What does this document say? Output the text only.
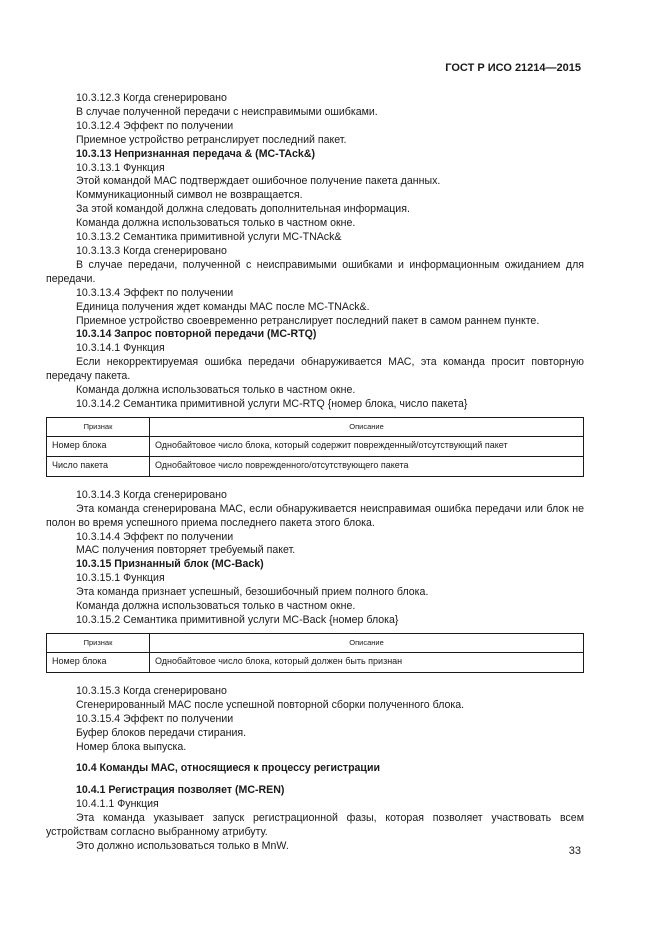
ГОСТ Р ИСО 21214—2015

10.3.12.3 Когда сгенерировано

В случае полученной передачи с неисправимыми ошибками.

10.3.12.4 Эффект по получении

Приемное устройство ретранслирует последний пакет.

10.3.13 Непризнанная передача & (MC-TAck&)

10.3.13.1 Функция

Этой командой МАС подтверждает ошибочное получение пакета данных.

Коммуникационный символ не возвращается.

За этой командой должна следовать дополнительная информация.

Команда должна использоваться только в частном окне.

10.3.13.2 Семантика примитивной услуги MC-TNAck&

10.3.13.3 Когда сгенерировано

В случае передачи, полученной с неисправимыми ошибками и информационным ожиданием для передачи.

10.3.13.4 Эффект по получении

Единица получения ждет команды МАС после MC-TNAck&.

Приемное устройство своевременно ретранслирует последний пакет в самом раннем пункте.

10.3.14 Запрос повторной передачи (MC-RTQ)

10.3.14.1 Функция

Если некорректируемая ошибка передачи обнаруживается МАС, эта команда просит повторную передачу пакета.

Команда должна использоваться только в частном окне.

10.3.14.2 Семантика примитивной услуги MC-RTQ {номер блока, число пакета}

Признак	Описание
Номер блока	Однобайтовое число блока, который содержит поврежденный/отсутствующий пакет
Число пакета	Однобайтовое число поврежденного/отсутствующего пакета

10.3.14.3 Когда сгенерировано

Эта команда сгенерирована МАС, если обнаруживается неисправимая ошибка передачи или блок не полон во время успешного приема последнего пакета этого блока.

10.3.14.4 Эффект по получении

МАС получения повторяет требуемый пакет.

10.3.15 Признанный блок (MC-Back)

10.3.15.1 Функция

Эта команда признает успешный, безошибочный прием полного блока.

Команда должна использоваться только в частном окне.

10.3.15.2 Семантика примитивной услуги MC-Back {номер блока}

Признак	Описание
Номер блока	Однобайтовое число блока, который должен быть признан

10.3.15.3 Когда сгенерировано

Сгенерированный МАС после успешной повторной сборки полученного блока.

10.3.15.4 Эффект по получении

Буфер блоков передачи стирания.

Номер блока выпуска.

10.4 Команды МАС, относящиеся к процессу регистрации

10.4.1 Регистрация позволяет (MC-REN)

10.4.1.1 Функция

Эта команда указывает запуск регистрационной фазы, которая позволяет участвовать всем устройствам согласно выбранному атрибуту.

Это должно использоваться только в MnW.	33
